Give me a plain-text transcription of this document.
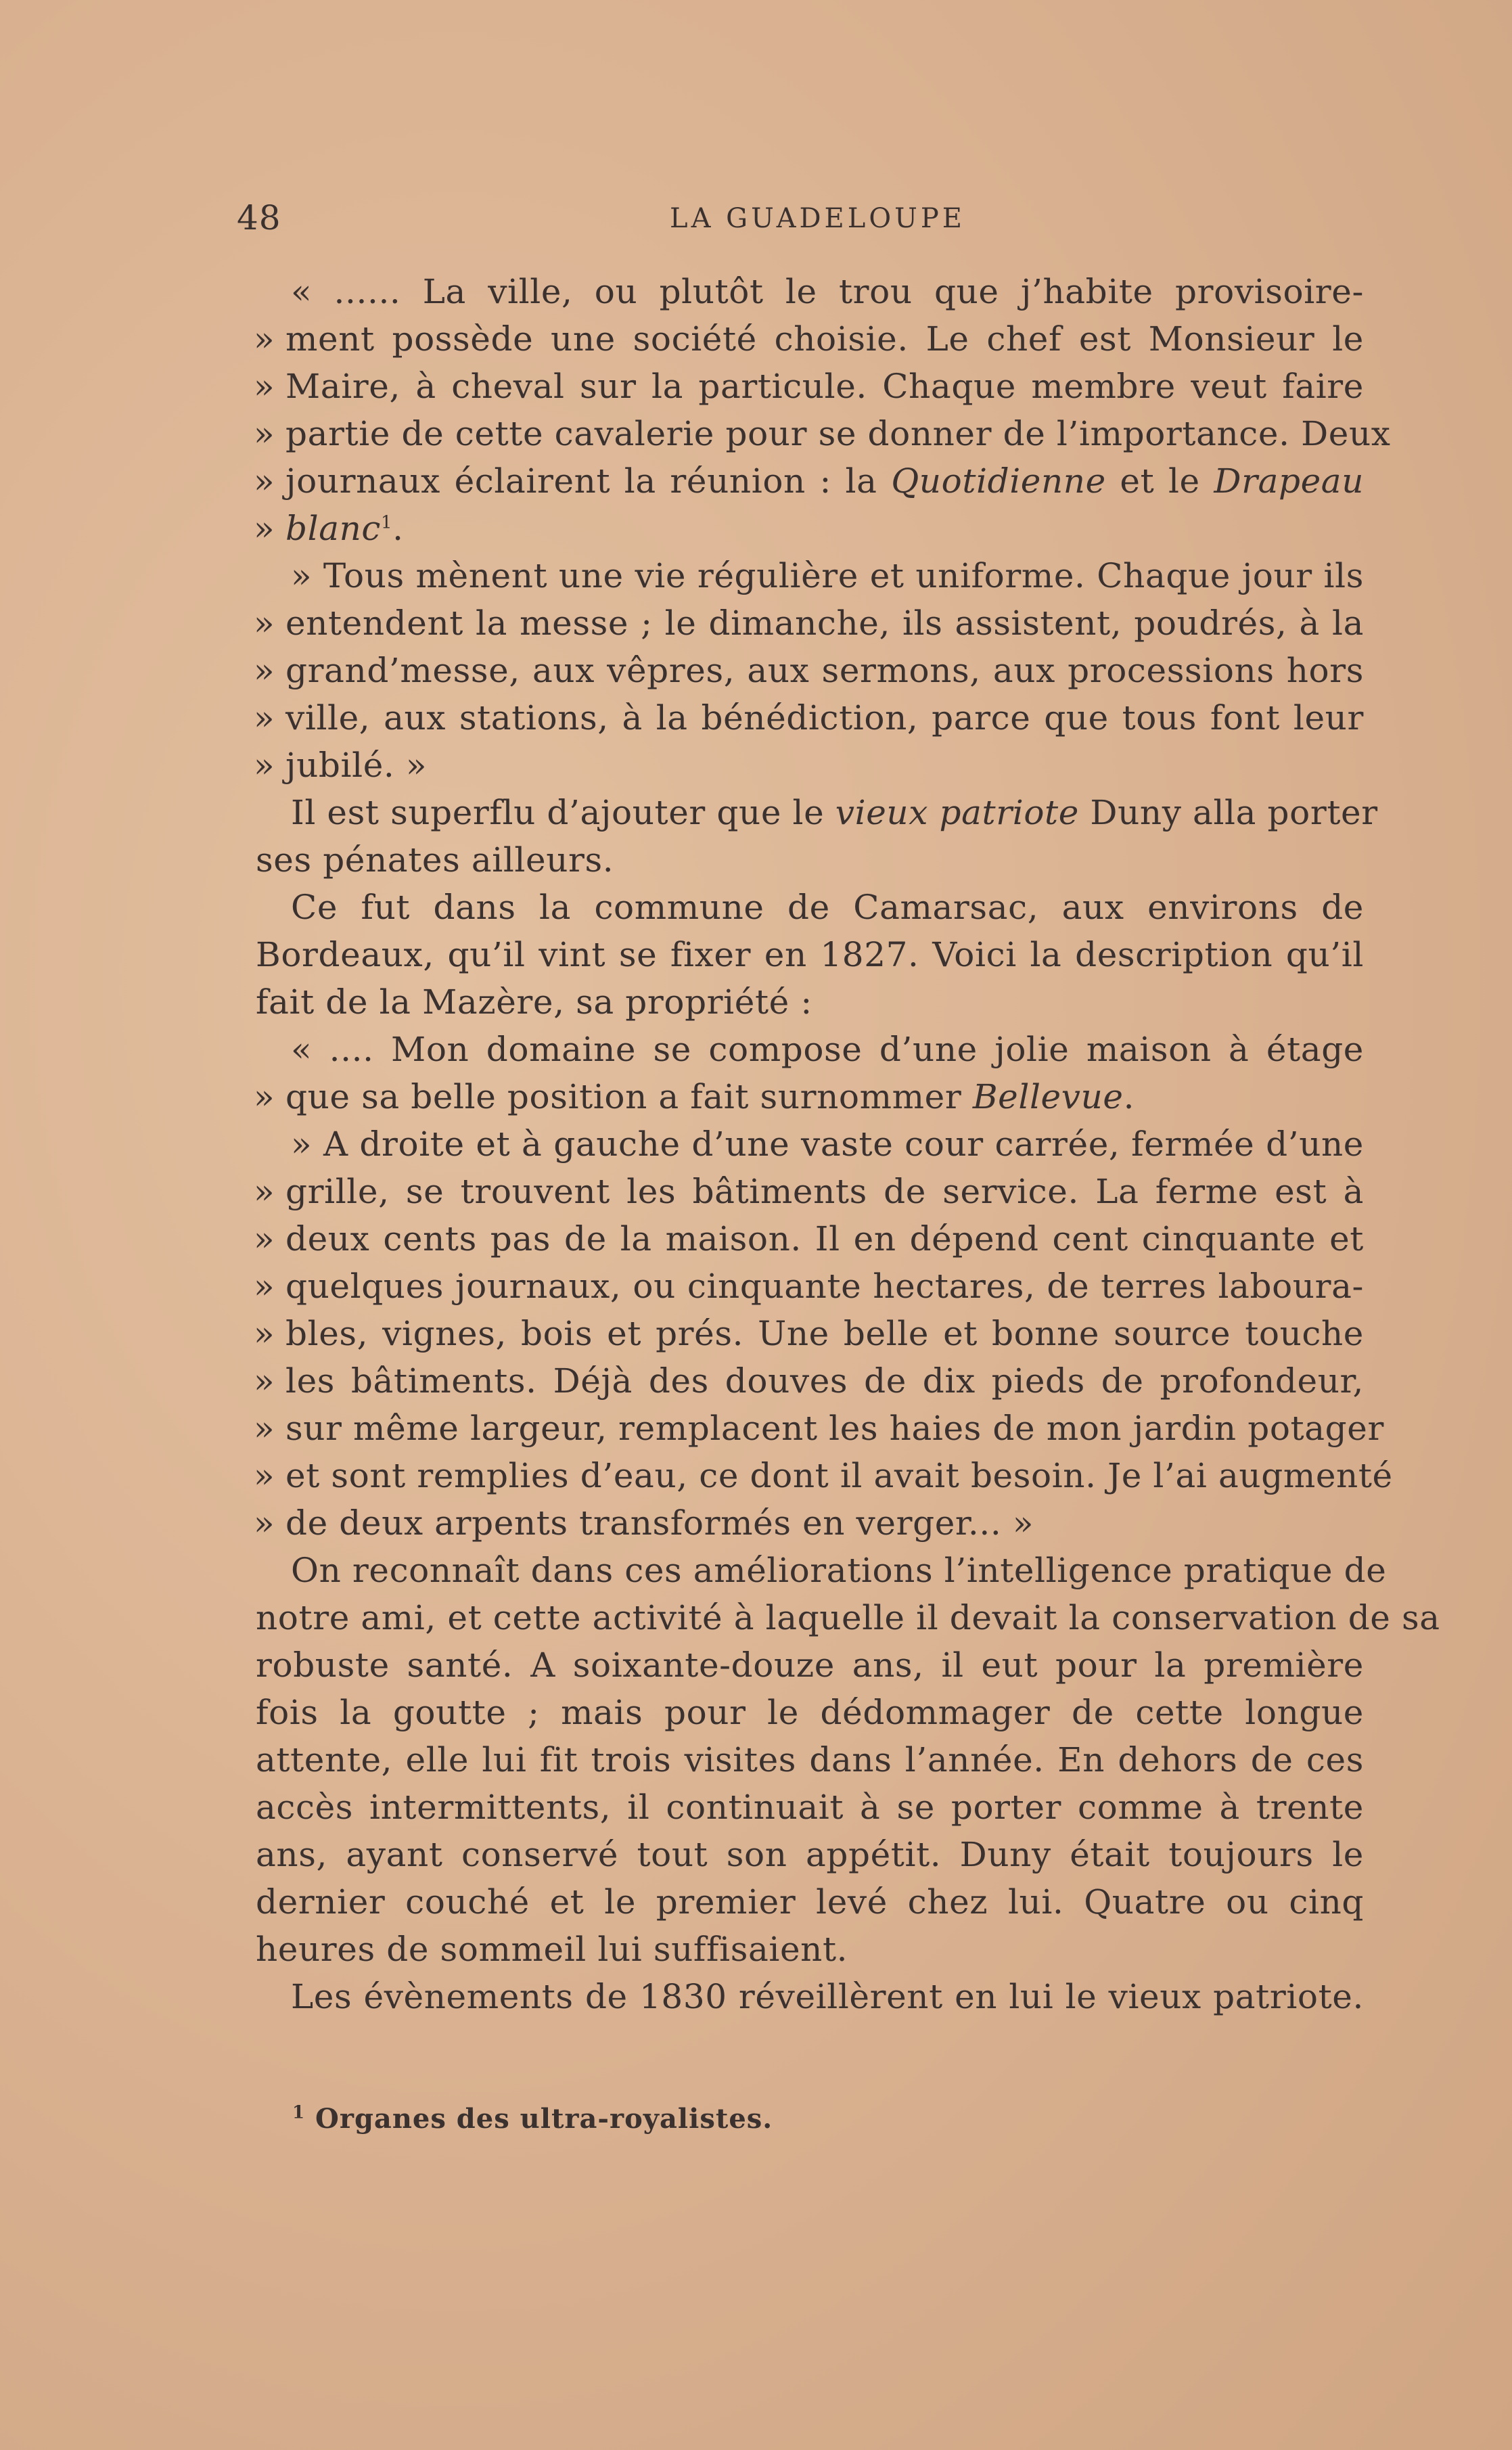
48	LA GUADELOUPE
« ...... La ville, ou plutôt le trou que j’habite provisoire-
» ment possède une société choisie. Le chef est Monsieur le
» Maire, à cheval sur la particule. Chaque membre veut faire
» partie de cette cavalerie pour se donner de l’importance. Deux
» journaux éclairent la réunion : la Quotidienne et le Drapeau
» blanc$^1$.
» Tous mènent une vie régulière et uniforme. Chaque jour ils
» entendent la messe ; le dimanche, ils assistent, poudrés, à la
» grand’messe, aux vêpres, aux sermons, aux processions hors
» ville, aux stations, à la bénédiction, parce que tous font leur
» jubilé. »
Il est superflu d’ajouter que le vieux patriote Duny alla porter
ses pénates ailleurs.
Ce fut dans la commune de Camarsac, aux environs de
Bordeaux, qu’il vint se fixer en 1827. Voici la description qu’il
fait de la Mazère, sa propriété :
« .... Mon domaine se compose d’une jolie maison à étage
» que sa belle position a fait surnommer Bellevue.
» A droite et à gauche d’une vaste cour carrée, fermée d’une
» grille, se trouvent les bâtiments de service. La ferme est à
» deux cents pas de la maison. Il en dépend cent cinquante et
» quelques journaux, ou cinquante hectares, de terres laboura-
» bles, vignes, bois et prés. Une belle et bonne source touche
» les bâtiments. Déjà des douves de dix pieds de profondeur,
» sur même largeur, remplacent les haies de mon jardin potager
» et sont remplies d’eau, ce dont il avait besoin. Je l’ai augmenté
» de deux arpents transformés en verger... »
On reconnaît dans ces améliorations l’intelligence pratique de
notre ami, et cette activité à laquelle il devait la conservation de sa
robuste santé. A soixante-douze ans, il eut pour la première
fois la goutte ; mais pour le dédommager de cette longue
attente, elle lui fit trois visites dans l’année. En dehors de ces
accès intermittents, il continuait à se porter comme à trente
ans, ayant conservé tout son appétit. Duny était toujours le
dernier couché et le premier levé chez lui. Quatre ou cinq
heures de sommeil lui suffisaient.
Les évènements de 1830 réveillèrent en lui le vieux patriote.
$^1$ Organes des ultra-royalistes.
